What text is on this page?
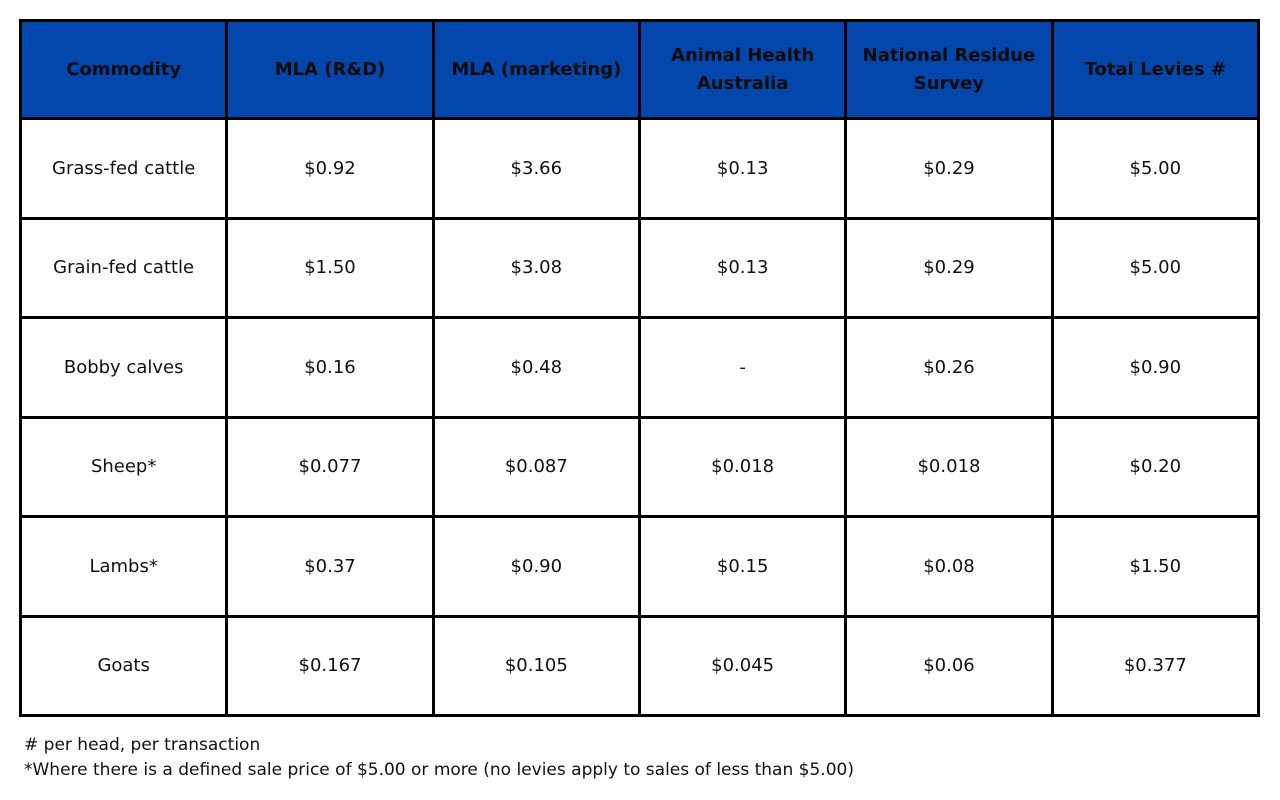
Commodity	MLA (R&D)	MLA (marketing)	Animal Health Australia	National Residue Survey	Total Levies #
Grass-fed cattle	$0.92	$3.66	$0.13	$0.29	$5.00
Grain-fed cattle	$1.50	$3.08	$0.13	$0.29	$5.00
Bobby calves	$0.16	$0.48	-	$0.26	$0.90
Sheep*	$0.077	$0.087	$0.018	$0.018	$0.20
Lambs*	$0.37	$0.90	$0.15	$0.08	$1.50
Goats	$0.167	$0.105	$0.045	$0.06	$0.377
# per head, per transaction
*Where there is a defined sale price of $5.00 or more (no levies apply to sales of less than $5.00)
